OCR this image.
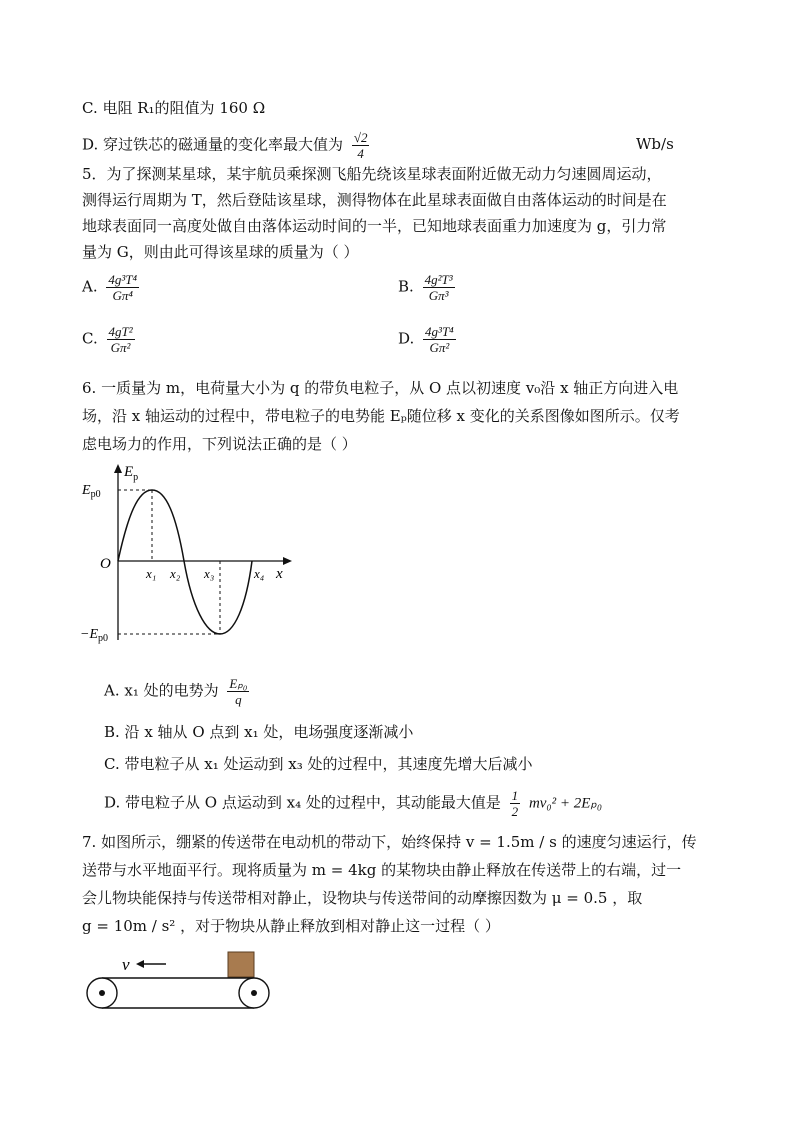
C. 电阻 R₁的阻值为 160 Ω
D. 穿过铁芯的磁通量的变化率最大值为 $\frac{√2}{4}$	Wb/s
5．为了探测某星球，某宇航员乘探测飞船先绕该星球表面附近做无动力匀速圆周运动，
测得运行周期为 T，然后登陆该星球，测得物体在此星球表面做自由落体运动的时间是在
地球表面同一高度处做自由落体运动时间的一半，已知地球表面重力加速度为 g，引力常
量为 G，则由此可得该星球的质量为（ ）
A. $\frac{\text{4g³T⁴}}{\text{Gπ⁴}}$	B. $\frac{\text{4g²T³}}{\text{Gπ³}}$
C. $\frac{\text{4gT²}}{\text{Gπ²}}$	D. $\frac{\text{4g³T⁴}}{\text{Gπ²}}$
6. 一质量为 m，电荷量大小为 q 的带负电粒子，从 O 点以初速度 v₀沿 x 轴正方向进入电
场，沿 x 轴运动的过程中，带电粒子的电势能 Eₚ随位移 x 变化的关系图像如图所示。仅考
虑电场力的作用，下列说法正确的是（ ）
$E_p$
$E_{p0}$
$-E_{p0}$
O
x
x₁ x₂ x₃	x₄
A. x₁ 处的电势为 $\frac{\text{Eₚ₀}}{q}$
B. 沿 x 轴从 O 点到 x₁ 处，电场强度逐渐减小
C. 带电粒子从 x₁ 处运动到 x₃ 处的过程中，其速度先增大后减小
D. 带电粒子从 O 点运动到 x₄ 处的过程中，其动能最大值是 $\frac{1}{2} mv_0^2 + 2E_{p0}$
7. 如图所示，绷紧的传送带在电动机的带动下，始终保持 v = 1.5m / s 的速度匀速运行，传
送带与水平地面平行。现将质量为 m = 4kg 的某物块由静止释放在传送带上的右端，过一
会儿物块能保持与传送带相对静止，设物块与传送带间的动摩擦因数为 μ = 0.5 ，取
g = 10m / s² ，对于物块从静止释放到相对静止这一过程（ ）
v
